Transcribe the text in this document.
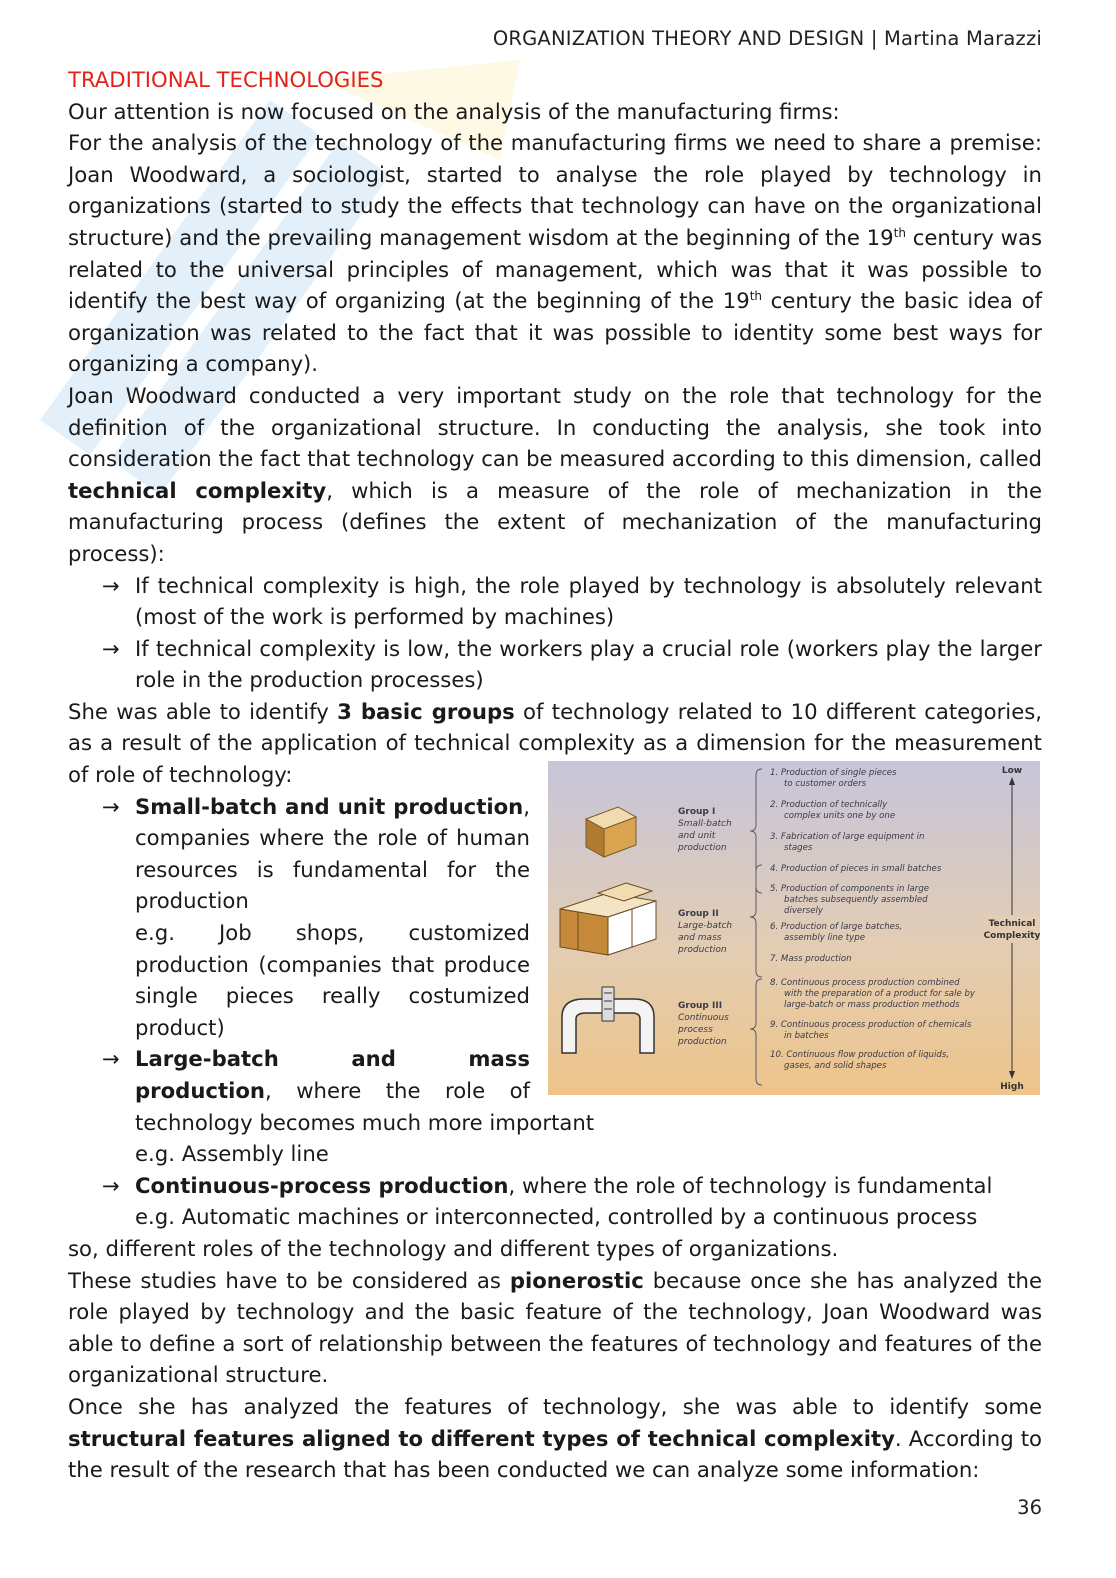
ORGANIZATION THEORY AND DESIGN | Martina Marazzi
TRADITIONAL TECHNOLOGIES

Our attention is now focused on the analysis of the manufacturing firms:

For the analysis of the technology of the manufacturing firms we need to share a premise: Joan Woodward, a sociologist, started to analyse the role played by technology in organizations (started to study the effects that technology can have on the organizational structure) and the prevailing management wisdom at the beginning of the 19th century was related to the universal principles of management, which was that it was possible to identify the best way of organizing (at the beginning of the 19th century the basic idea of organization was related to the fact that it was possible to identity some best ways for organizing a company).

Joan Woodward conducted a very important study on the role that technology for the definition of the organizational structure. In conducting the analysis, she took into consideration the fact that technology can be measured according to this dimension, called technical complexity, which is a measure of the role of mechanization in the manufacturing process (defines the extent of mechanization of the manufacturing process):

→ If technical complexity is high, the role played by technology is absolutely relevant (most of the work is performed by machines)
→ If technical complexity is low, the workers play a crucial role (workers play the larger role in the production processes)

She was able to identify 3 basic groups of technology related to 10 different categories, as a result of the application of technical complexity as a dimension for the measurement of role of technology:

Group I
Small-batch
and unit
production
Group II
Large-batch
and mass
production
Group III
Continuous
process
production
1. Production of single pieces
to customer orders
2. Production of technically
complex units one by one
3. Fabrication of large equipment in
stages
4. Production of pieces in small batches
5. Production of components in large
batches subsequently assembled
diversely
6. Production of large batches,
assembly line type
7. Mass production
8. Continuous process production combined
with the preparation of a product for sale by
large-batch or mass production methods
9. Continuous process production of chemicals
in batches
10. Continuous flow production of liquids,
gases, and solid shapes
Low
High
Technical
Complexity
→ Small-batch and unit production, companies where the role of human resources is fundamental for the production
e.g. Job shops, customized production (companies that produce single pieces really costumized product)
→ Large-batch and mass production, where the role of technology becomes much more important
e.g. Assembly line
→ Continuous-process production, where the role of technology is fundamental
e.g. Automatic machines or interconnected, controlled by a continuous process

so, different roles of the technology and different types of organizations.

These studies have to be considered as pionerostic because once she has analyzed the role played by technology and the basic feature of the technology, Joan Woodward was able to define a sort of relationship between the features of technology and features of the organizational structure.

Once she has analyzed the features of technology, she was able to identify some structural features aligned to different types of technical complexity. According to the result of the research that has been conducted we can analyze some information:

36
